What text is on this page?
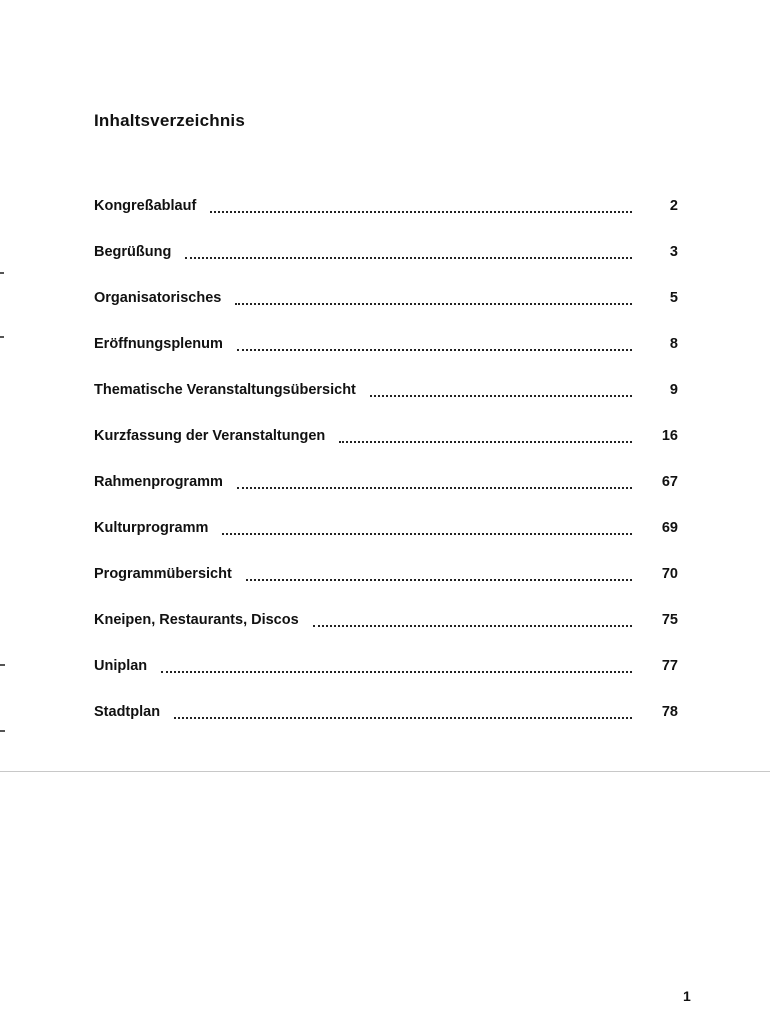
Inhaltsverzeichnis
Kongreßablauf	2
Begrüßung	3
Organisatorisches	5
Eröffnungsplenum	8
Thematische Veranstaltungsübersicht	9
Kurzfassung der Veranstaltungen	16
Rahmenprogramm	67
Kulturprogramm	69
Programmübersicht	70
Kneipen, Restaurants, Discos	75
Uniplan	77
Stadtplan	78
1
